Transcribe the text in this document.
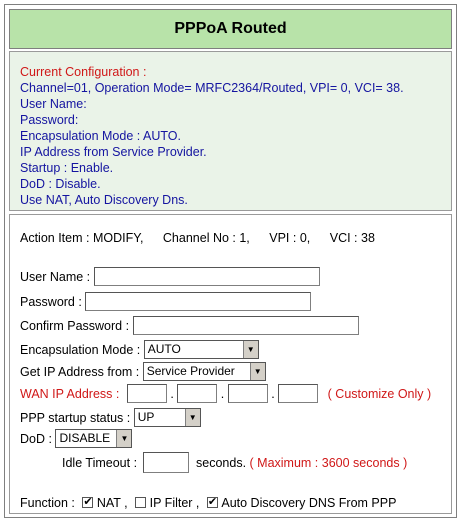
PPPoA Routed
Current Configuration :
Channel=01, Operation Mode= MRFC2364/Routed, VPI= 0, VCI= 38.
User Name:
Password:
Encapsulation Mode : AUTO.
IP Address from Service Provider.
Startup : Enable.
DoD : Disable.
Use NAT, Auto Discovery Dns.
Action Item : MODIFY, Channel No : 1, VPI : 0, VCI : 38
User Name :
Password :
Confirm Password :
Encapsulation Mode : AUTO	▼
Get IP Address from : Service Provider	▼
WAN IP Address :	.	.	.	( Customize Only )
PPP startup status : UP	▼
DoD : DISABLE	▼
Idle Timeout :	seconds. ( Maximum : 3600 seconds )
Function : ✔ NAT , IP Filter , ✔ Auto Discovery DNS From PPP
